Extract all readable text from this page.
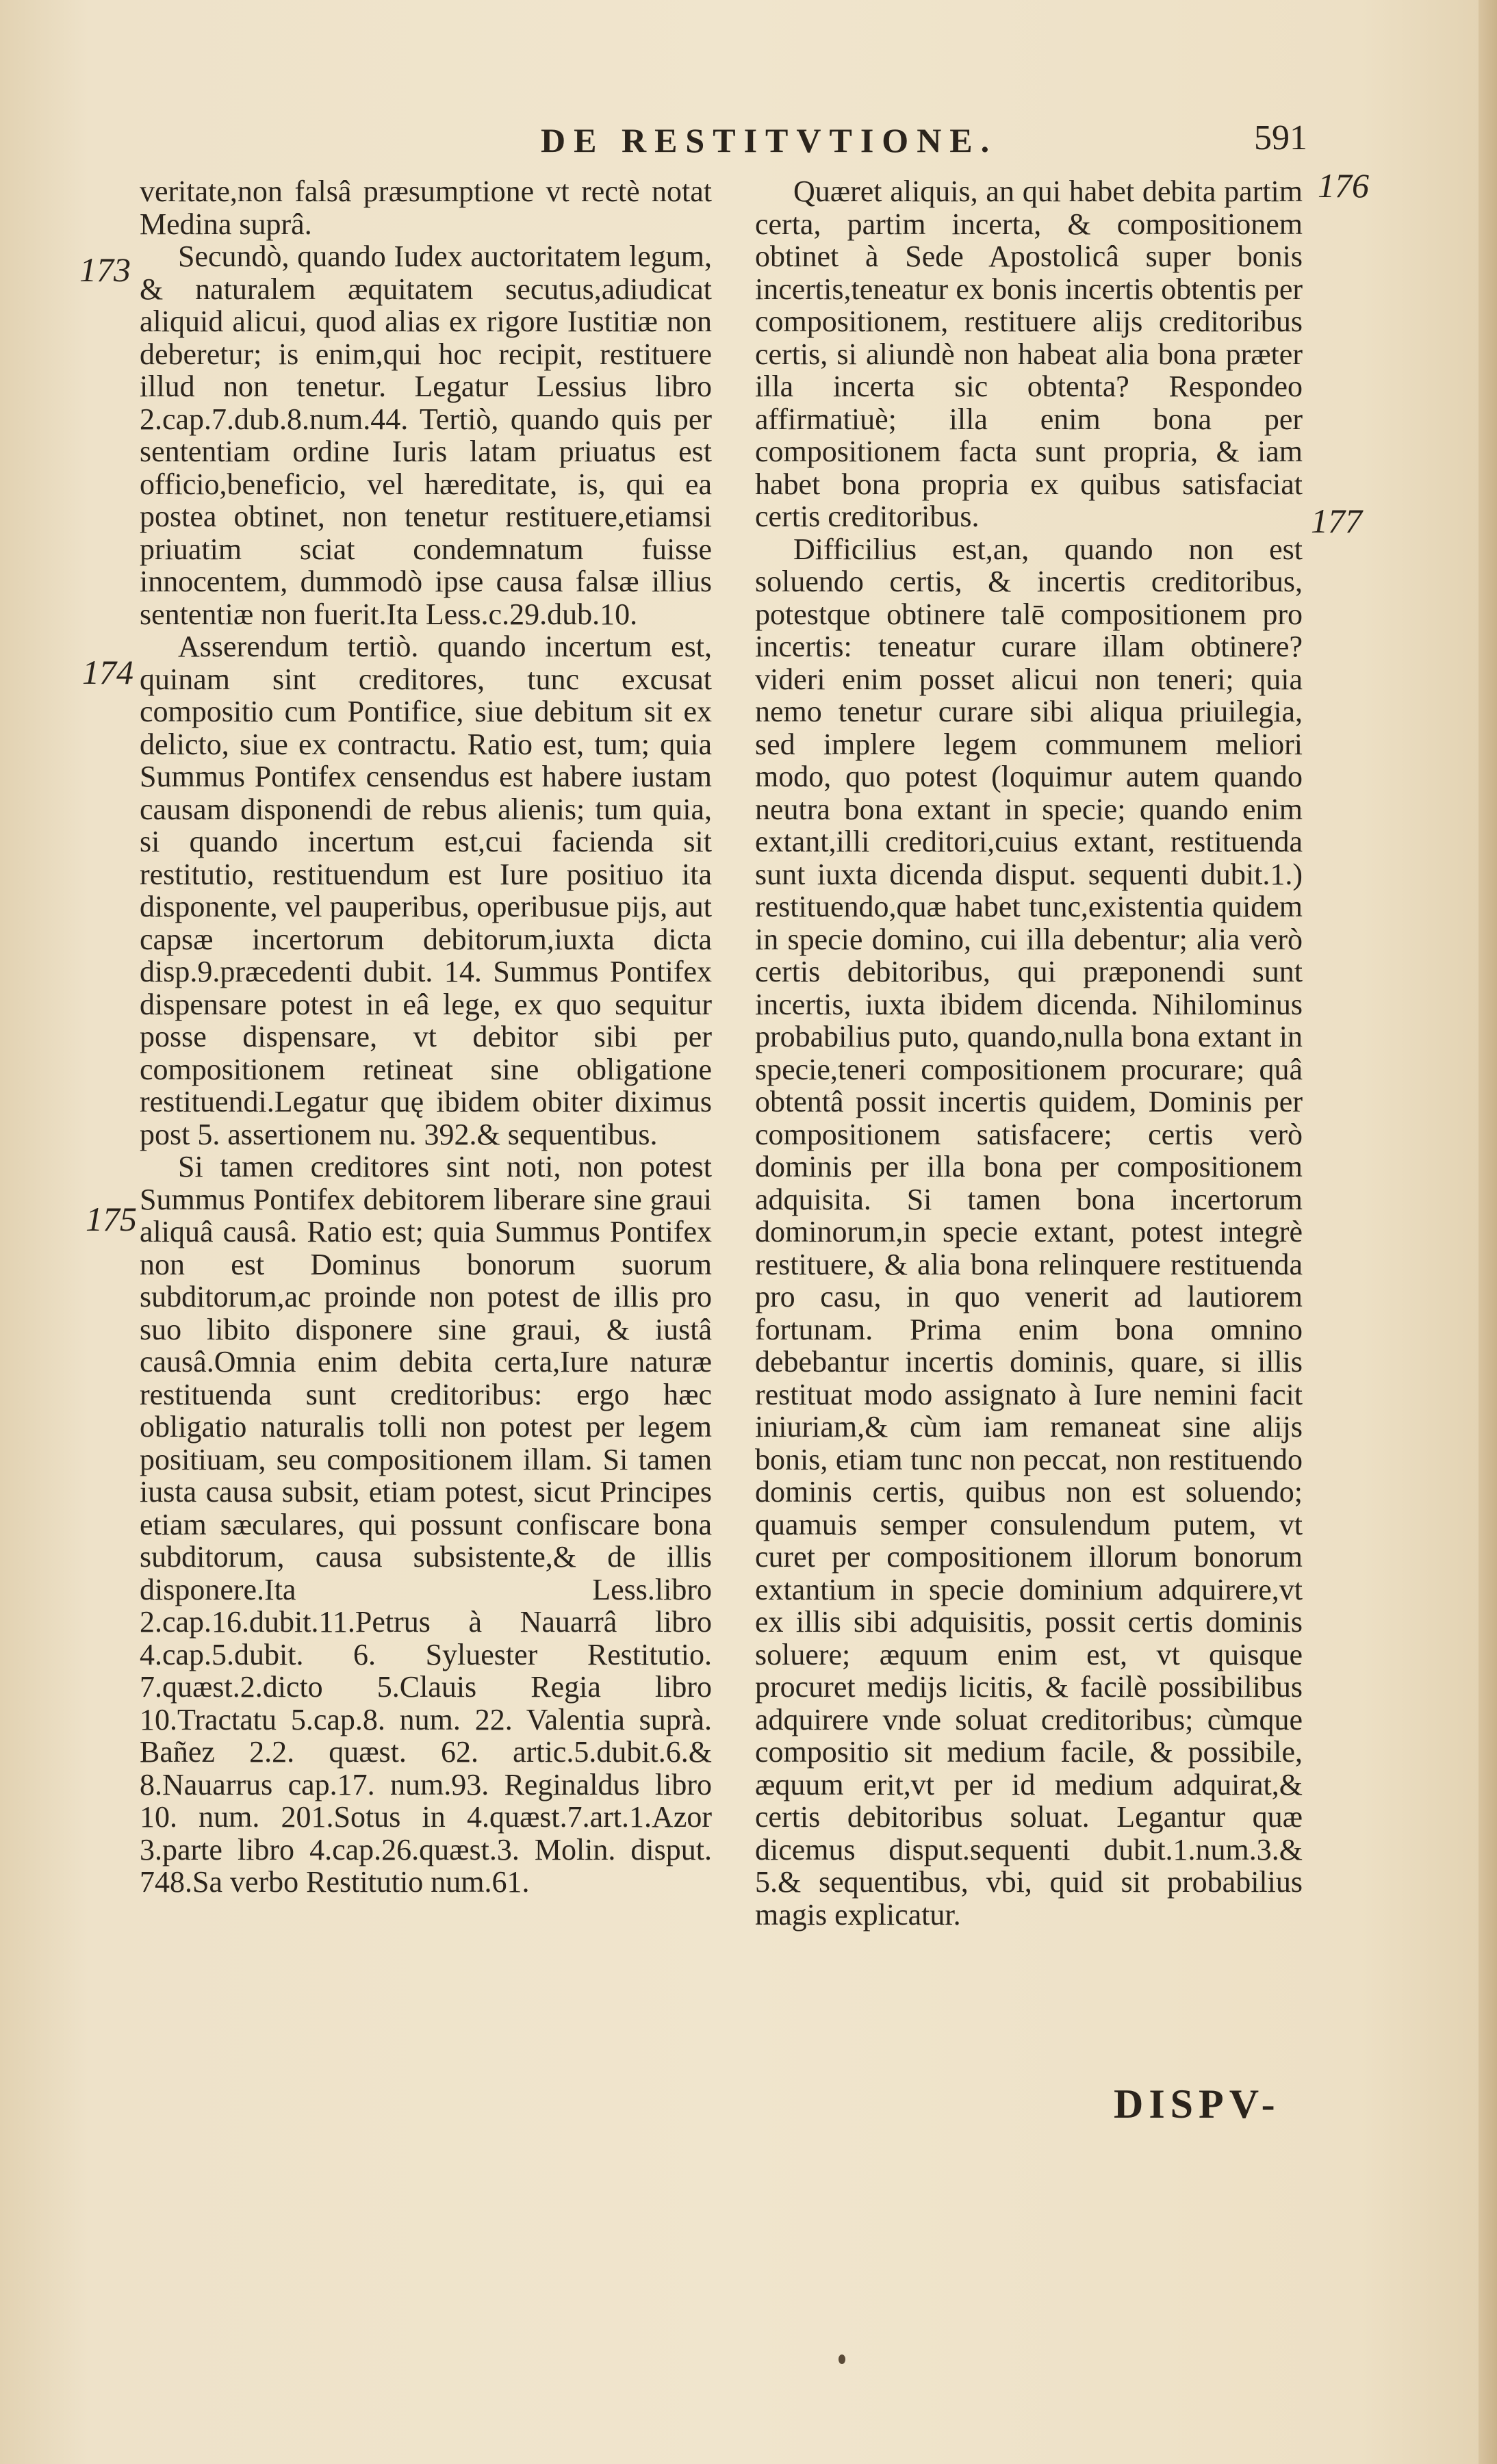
DE RESTITVTIONE.	591

veritate,non falsâ præsumptione vt rectè notat Medina suprâ.

Secundò, quando Iudex auctoritatem legum, & naturalem æquitatem secutus,adiudicat aliquid alicui, quod alias ex rigore Iustitiæ non deberetur; is enim,qui hoc recipit, restituere illud non tenetur. Legatur Lessius libro 2.cap.7.dub.8.num.44. Tertiò, quando quis per sententiam ordine Iuris latam priuatus est officio,beneficio, vel hæreditate, is, qui ea postea obtinet, non tenetur restituere,etiamsi priuatim sciat condemnatum fuisse innocentem, dummodò ipse causa falsæ illius sententiæ non fuerit.Ita Less.c.29.dub.10.

Asserendum tertiò. quando incertum est, quinam sint creditores, tunc excusat compositio cum Pontifice, siue debitum sit ex delicto, siue ex contractu. Ratio est, tum; quia Summus Pontifex censendus est habere iustam causam disponendi de rebus alienis; tum quia, si quando incertum est,cui facienda sit restitutio, restituendum est Iure positiuo ita disponente, vel pauperibus, operibusue pijs, aut capsæ incertorum debitorum,iuxta dicta disp.9.præcedenti dubit. 14. Summus Pontifex dispensare potest in eâ lege, ex quo sequitur posse dispensare, vt debitor sibi per compositionem retineat sine obligatione restituendi.Legatur quę ibidem obiter diximus post 5. assertionem nu. 392.& sequentibus.

Si tamen creditores sint noti, non potest Summus Pontifex debitorem liberare sine graui aliquâ causâ. Ratio est; quia Summus Pontifex non est Dominus bonorum suorum subditorum,ac proinde non potest de illis pro suo libito disponere sine graui, & iustâ causâ.Omnia enim debita certa,Iure naturæ restituenda sunt creditoribus: ergo hæc obligatio naturalis tolli non potest per legem positiuam, seu compositionem illam. Si tamen iusta causa subsit, etiam potest, sicut Principes etiam sæculares, qui possunt confiscare bona subditorum, causa subsistente,& de illis disponere.Ita Less.libro 2.cap.16.dubit.11.Petrus à Nauarrâ libro 4.cap.5.dubit. 6. Syluester Restitutio. 7.quæst.2.dicto 5.Clauis Regia libro 10.Tractatu 5.cap.8. num. 22. Valentia suprà. Bañez 2.2. quæst. 62. artic.5.dubit.6.& 8.Nauarrus cap.17. num.93. Reginaldus libro 10. num. 201.Sotus in 4.quæst.7.art.1.Azor 3.parte libro 4.cap.26.quæst.3. Molin. disput. 748.Sa verbo Restitutio num.61.

Quæret aliquis, an qui habet debita partim certa, partim incerta, & compositionem obtinet à Sede Apostolicâ super bonis incertis,teneatur ex bonis incertis obtentis per compositionem, restituere alijs creditoribus certis, si aliundè non habeat alia bona præter illa incerta sic obtenta? Respondeo affirmatiuè; illa enim bona per compositionem facta sunt propria, & iam habet bona propria ex quibus satisfaciat certis creditoribus.

Difficilius est,an, quando non est soluendo certis, & incertis creditoribus, potestque obtinere talē compositionem pro incertis: teneatur curare illam obtinere? videri enim posset alicui non teneri; quia nemo tenetur curare sibi aliqua priuilegia, sed implere legem communem meliori modo, quo potest (loquimur autem quando neutra bona extant in specie; quando enim extant,illi creditori,cuius extant, restituenda sunt iuxta dicenda disput. sequenti dubit.1.) restituendo,quæ habet tunc,existentia quidem in specie domino, cui illa debentur; alia verò certis debitoribus, qui præponendi sunt incertis, iuxta ibidem dicenda. Nihilominus probabilius puto, quando,nulla bona extant in specie,teneri compositionem procurare; quâ obtentâ possit incertis quidem, Dominis per compositionem satisfacere; certis verò dominis per illa bona per compositionem adquisita. Si tamen bona incertorum dominorum,in specie extant, potest integrè restituere, & alia bona relinquere restituenda pro casu, in quo venerit ad lautiorem fortunam. Prima enim bona omnino debebantur incertis dominis, quare, si illis restituat modo assignato à Iure nemini facit iniuriam,& cùm iam remaneat sine alijs bonis, etiam tunc non peccat, non restituendo dominis certis, quibus non est soluendo; quamuis semper consulendum putem, vt curet per compositionem illorum bonorum extantium in specie dominium adquirere,vt ex illis sibi adquisitis, possit certis dominis soluere; æquum enim est, vt quisque procuret medijs licitis, & facilè possibilibus adquirere vnde soluat creditoribus; cùmque compositio sit medium facile, & possibile, æquum erit,vt per id medium adquirat,& certis debitoribus soluat. Legantur quæ dicemus disput.sequenti dubit.1.num.3.& 5.& sequentibus, vbi, quid sit probabilius magis explicatur.

173
174
175
176
177
DISPV-
